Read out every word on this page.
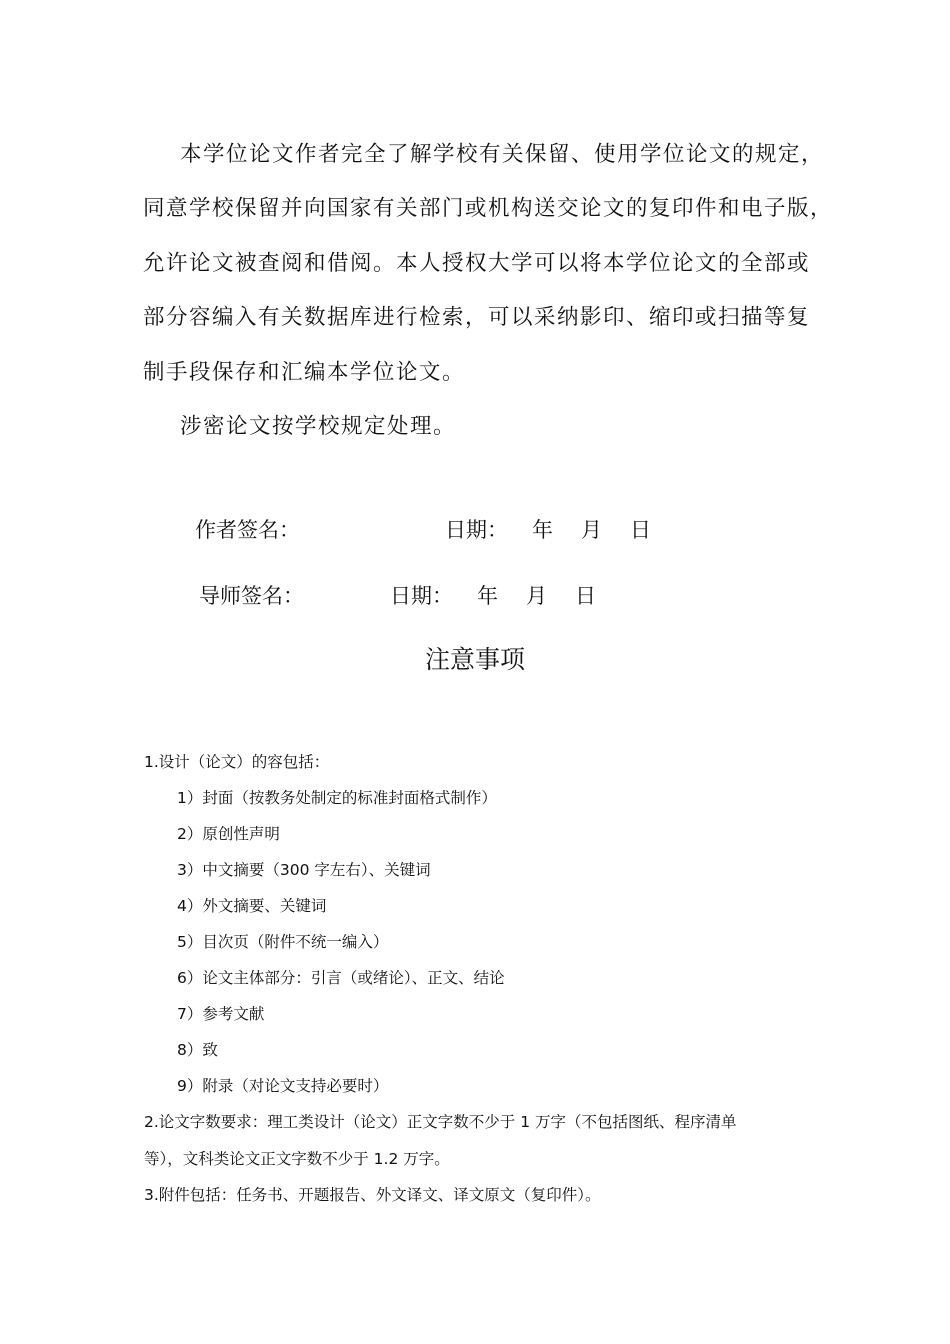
本学位论文作者完全了解学校有关保留、使用学位论文的规定，
同意学校保留并向国家有关部门或机构送交论文的复印件和电子版，
允许论文被查阅和借阅。本人授权大学可以将本学位论文的全部或
部分容编入有关数据库进行检索，可以采纳影印、缩印或扫描等复
制手段保存和汇编本学位论文。
涉密论文按学校规定处理。
作者签名：	日期： 年 月 日
导师签名：	日期： 年 月 日
注意事项
1.设计（论文）的容包括：
1）封面（按教务处制定的标准封面格式制作）
2）原创性声明
3）中文摘要（300 字左右）、关键词
4）外文摘要、关键词
5）目次页（附件不统一编入）
6）论文主体部分：引言（或绪论）、正文、结论
7）参考文献
8）致
9）附录（对论文支持必要时）
2.论文字数要求：理工类设计（论文）正文字数不少于 1 万字（不包括图纸、程序清单
等），文科类论文正文字数不少于 1.2 万字。
3.附件包括：任务书、开题报告、外文译文、译文原文（复印件）。
